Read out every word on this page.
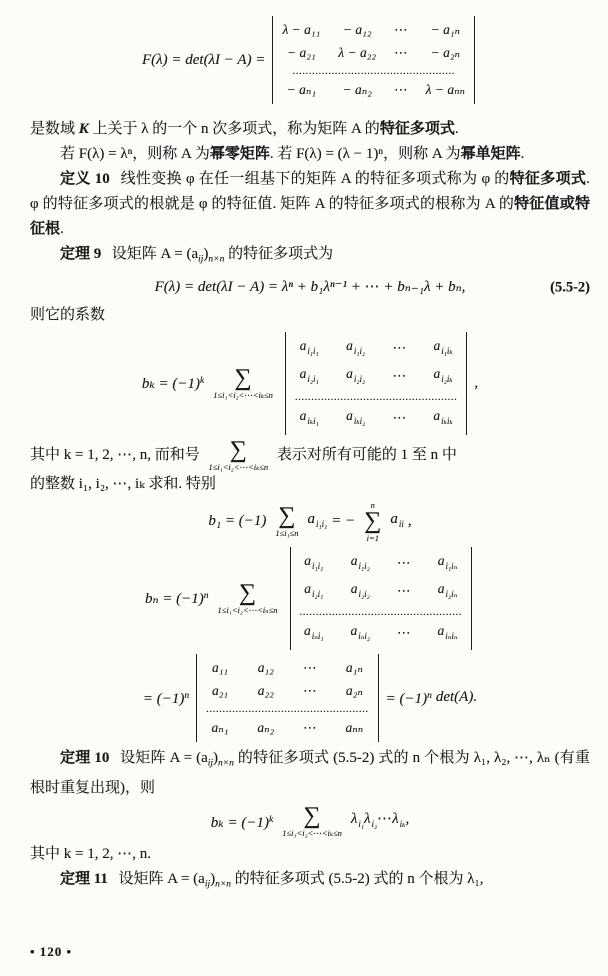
F(λ) = det(λI − A) =
λ − a₁₁ − a₁₂ ⋯ − a₁ₙ
− a₂₁ λ − a₂₂ ⋯ − a₂ₙ
..................................................
− aₙ₁ − aₙ₂ ⋯ λ − aₙₙ

是数域 K 上关于 λ 的一个 n 次多项式，称为矩阵 A 的特征多项式.

若 F(λ) = λⁿ，则称 A 为幂零矩阵. 若 F(λ) = (λ − 1)ⁿ，则称 A 为幂单矩阵.

定义 10 线性变换 φ 在任一组基下的矩阵 A 的特征多项式称为 φ 的特征多项式. φ 的特征多项式的根就是 φ 的特征值. 矩阵 A 的特征多项式的根称为 A 的特征值或特征根.

定理 9 设矩阵 $A = (a_{ij})_{n\times n}$ 的特征多项式为

F(λ) = det(λI − A) = λⁿ + b₁λⁿ⁻¹ + ⋯ + bₙ₋₁λ + bₙ,	(5.5-2)

则它的系数

$b_k = (-1)^k$ ∑
1≤i₁<i₂<⋯<iₖ≤n
$a_{i_1i_1}$ $a_{i_1i_2}$ ⋯ $a_{i_1i_k}$
$a_{i_2i_1}$ $a_{i_2i_2}$ ⋯ $a_{i_2i_k}$
..................................................
$a_{i_ki_1}$ $a_{i_ki_2}$ ⋯ $a_{i_ki_k}$
,

其中 k = 1, 2, ⋯, n, 而和号 ∑
1≤i₁<i₂<⋯<iₖ≤n
表示对所有可能的 1 至 n 中

的整数 i₁, i₂, ⋯, iₖ 求和. 特别

b₁ = (−1) ∑
1≤i₁≤n
$a_{i_1i_1}$ = −
n
∑
i=1
$a_{ii}$ ,
$b_n = (-1)^n$ ∑
1≤i₁<i₂<⋯<iₙ≤n
$a_{i_1i_1}$ $a_{i_1i_2}$ ⋯ $a_{i_1i_n}$
$a_{i_2i_1}$ $a_{i_2i_2}$ ⋯ $a_{i_2i_n}$
..................................................
$a_{i_ni_1}$ $a_{i_ni_2}$ ⋯ $a_{i_ni_n}$
= $(-1)^n$
a₁₁ a₁₂ ⋯ a₁ₙ
a₂₁ a₂₂ ⋯ a₂ₙ
..................................................
aₙ₁ aₙ₂ ⋯ aₙₙ
= $(-1)^n$ det(A).

定理 10 设矩阵 $A = (a_{ij})_{n\times n}$ 的特征多项式 (5.5-2) 式的 n 个根为 λ₁, λ₂, ⋯, λₙ (有重根时重复出现)，则

$b_k = (-1)^k$ ∑
1≤i₁<i₂<⋯<iₖ≤n
$\lambda_{i_1}\lambda_{i_2}\cdots\lambda_{i_k}$,

其中 k = 1, 2, ⋯, n.

定理 11 设矩阵 $A = (a_{ij})_{n\times n}$ 的特征多项式 (5.5-2) 式的 n 个根为 λ₁,

• 120 •
